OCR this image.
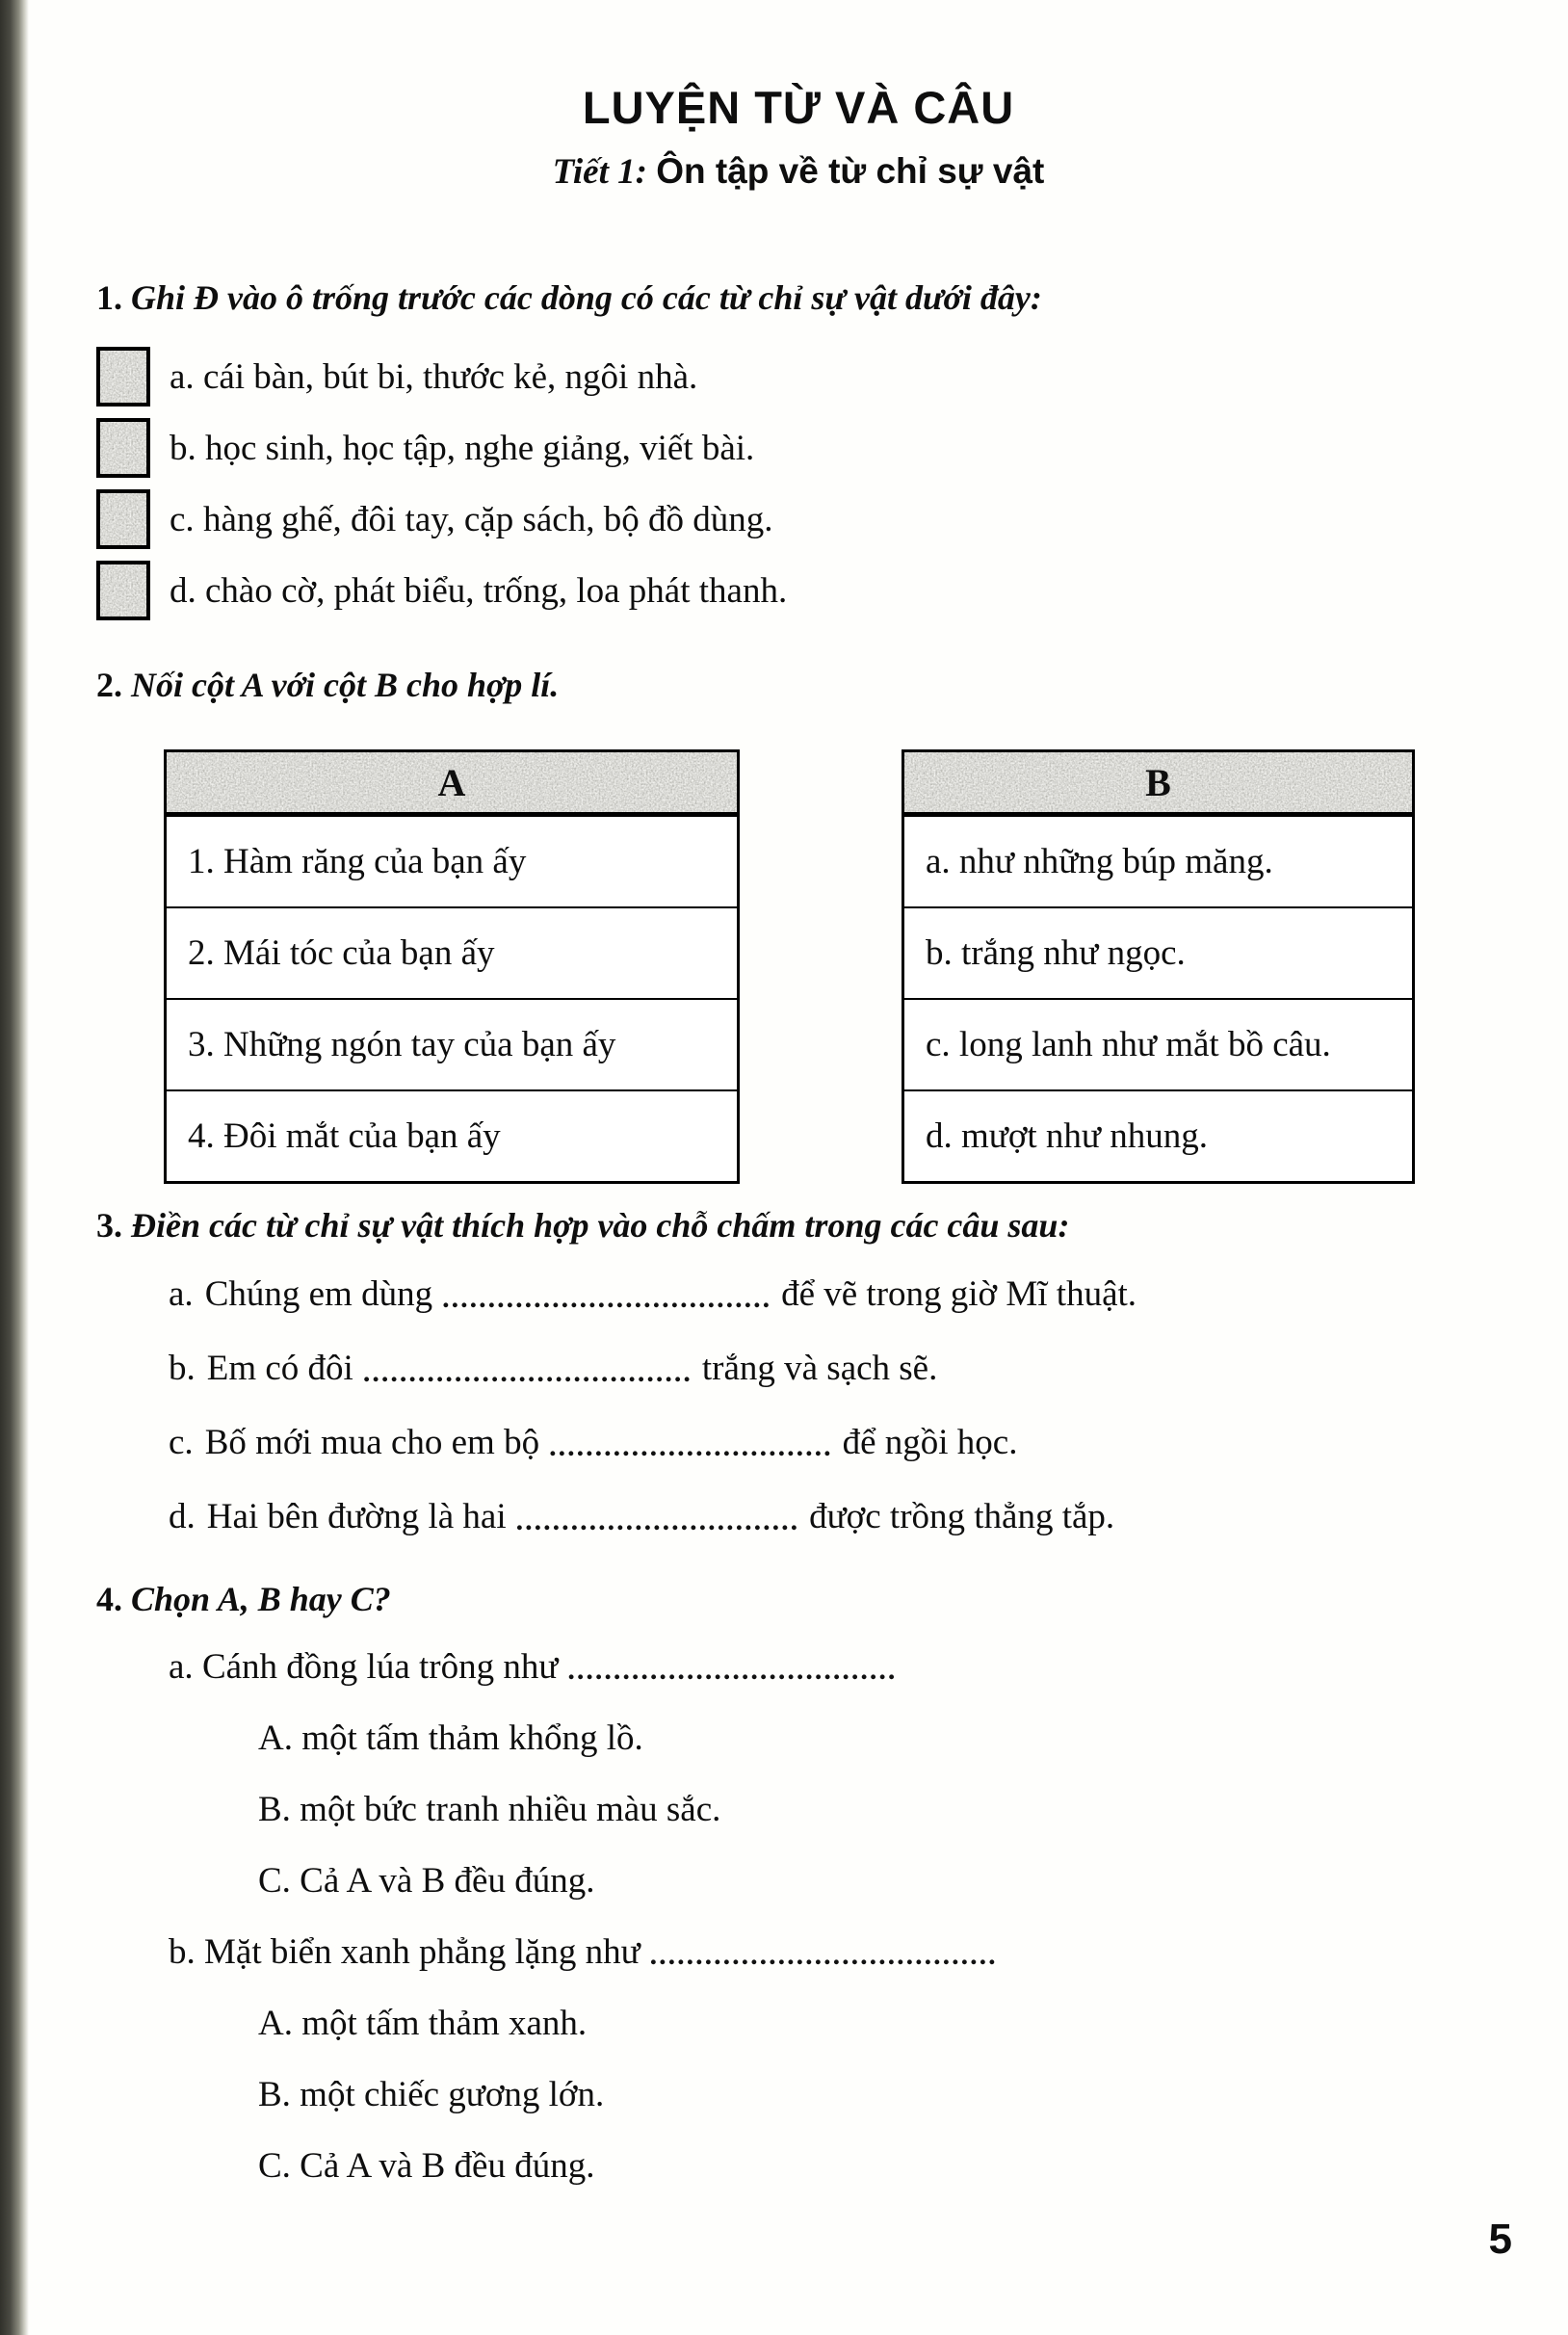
LUYỆN TỪ VÀ CÂU
Tiết 1: Ôn tập về từ chỉ sự vật
1. Ghi Đ vào ô trống trước các dòng có các từ chỉ sự vật dưới đây:
a.
cái bàn, bút bi, thước kẻ, ngôi nhà.
b.
học sinh, học tập, nghe giảng, viết bài.
c.
hàng ghế, đôi tay, cặp sách, bộ đồ dùng.
d.
chào cờ, phát biểu, trống, loa phát thanh.
2. Nối cột A với cột B cho hợp lí.
A
1. Hàm răng của bạn ấy
2. Mái tóc của bạn ấy
3. Những ngón tay của bạn ấy
4. Đôi mắt của bạn ấy
B
a. như những búp măng.
b. trắng như ngọc.
c. long lanh như mắt bồ câu.
d. mượt như nhung.
3. Điền các từ chỉ sự vật thích hợp vào chỗ chấm trong các câu sau:
a. Chúng em dùng .................................... để vẽ trong giờ Mĩ thuật.
b. Em có đôi .................................... trắng và sạch sẽ.
c. Bố mới mua cho em bộ ............................... để ngồi học.
d. Hai bên đường là hai ............................... được trồng thẳng tắp.
4. Chọn A, B hay C?
a.
Cánh đồng lúa trông như ....................................
A. một tấm thảm khổng lồ.
B. một bức tranh nhiều màu sắc.
C. Cả A và B đều đúng.
b.
Mặt biển xanh phẳng lặng như ......................................
A. một tấm thảm xanh.
B. một chiếc gương lớn.
C. Cả A và B đều đúng.
5
